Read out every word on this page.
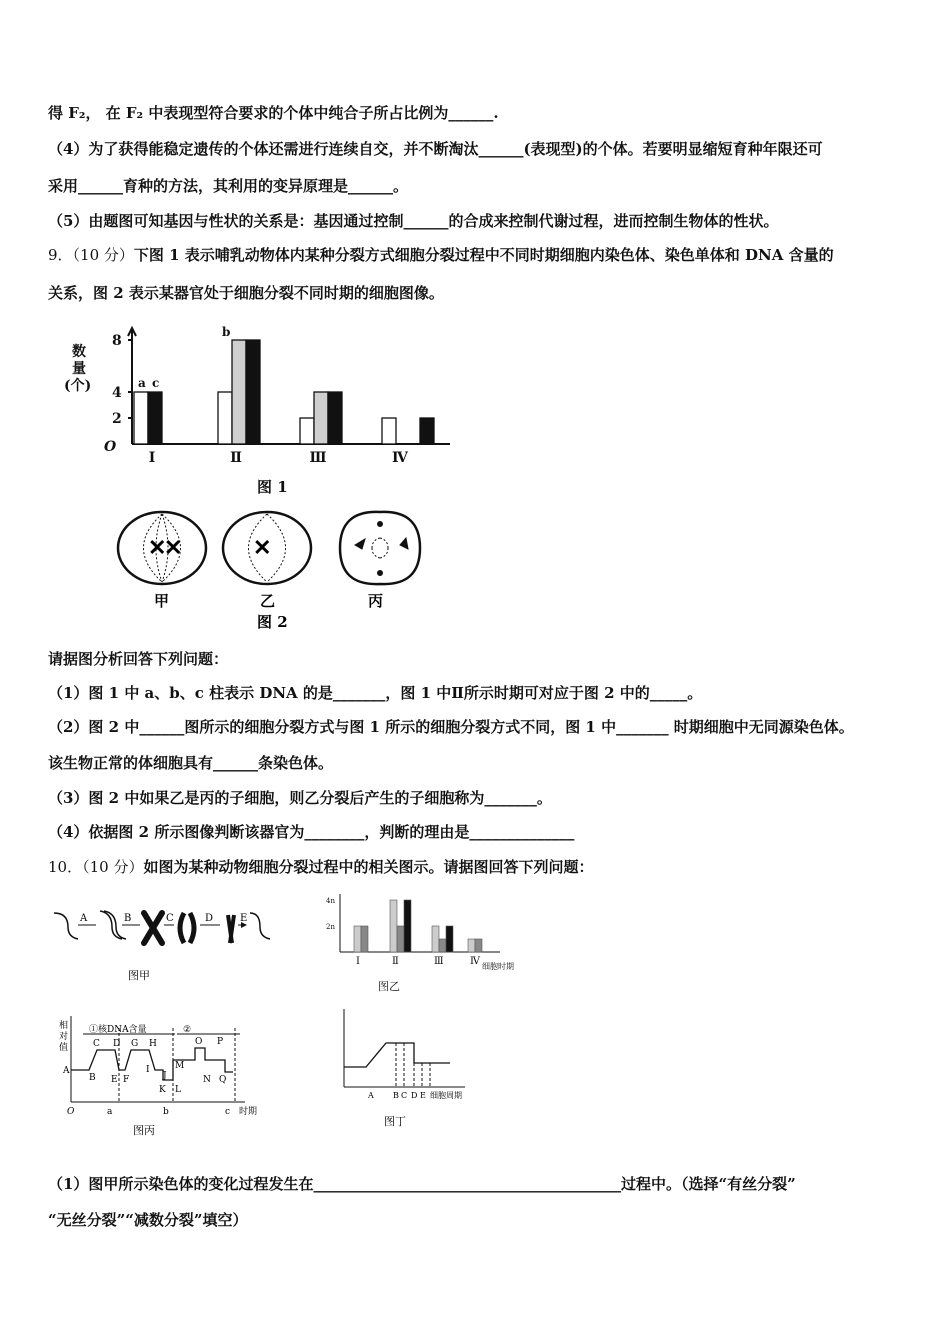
得 F₂， 在 F₂ 中表现型符合要求的个体中纯合子所占比例为______.
（4）为了获得能稳定遗传的个体还需进行连续自交，并不断淘汰______(表现型)的个体。若要明显缩短育种年限还可
采用______育种的方法，其利用的变异原理是______。
（5）由题图可知基因与性状的关系是：基因通过控制______的合成来控制代谢过程，进而控制生物体的性状。
9．（10 分）下图 1 表示哺乳动物体内某种分裂方式细胞分裂过程中不同时期细胞内染色体、染色单体和 DNA 含量的
关系，图 2 表示某器官处于细胞分裂不同时期的细胞图像。
2
4
8
O
数
量
(个)
Ⅰ	Ⅱ	Ⅲ	Ⅳ
a
b
c
图 1
✕
✕	✕
甲	乙	丙
图 2
请据图分析回答下列问题：
（1）图 1 中 a、b、c 柱表示 DNA 的是_______，图 1 中Ⅱ所示时期可对应于图 2 中的_____。
（2）图 2 中______图所示的细胞分裂方式与图 1 所示的细胞分裂方式不同，图 1 中_______ 时期细胞中无同源染色体。
该生物正常的体细胞具有______条染色体。
（3）图 2 中如果乙是丙的子细胞，则乙分裂后产生的子细胞称为_______。
（4）依据图 2 所示图像判断该器官为________，判断的理由是______________
10．（10 分）如图为某种动物细胞分裂过程中的相关图示。请据图回答下列问题：
A	B	C	D	E
图甲
2n
4n
Ⅰ	Ⅱ	Ⅲ	Ⅳ 细胞时期
图乙
相
对
值
①核DNA含量	②
A
B
C D
E F
G H
I
J
K L
M
O P
N Q
O	a	b	c 时期
图丙
A B C D E 细胞周期
图丁
（1）图甲所示染色体的变化过程发生在_________________________________________过程中。（选择“有丝分裂”
“无丝分裂”“减数分裂”填空）
